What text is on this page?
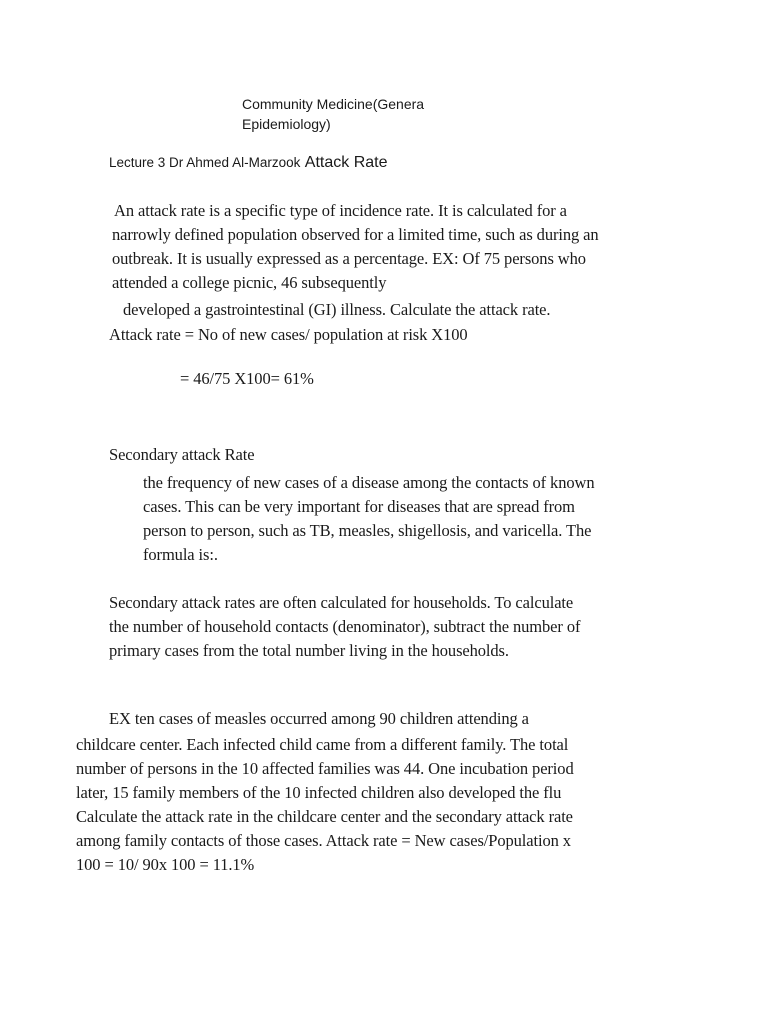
Community Medicine(Genera
Epidemiology)
Lecture 3 Dr Ahmed Al-Marzook Attack Rate
An attack rate is a specific type of incidence rate. It is calculated for a
narrowly defined population observed for a limited time, such as during an
outbreak. It is usually expressed as a percentage. EX: Of 75 persons who
attended a college picnic, 46 subsequently
developed a gastrointestinal (GI) illness. Calculate the attack rate.
Attack rate = No of new cases/ population at risk X100
= 46/75 X100= 61%
Secondary attack Rate
the frequency of new cases of a disease among the contacts of known
cases. This can be very important for diseases that are spread from
person to person, such as TB, measles, shigellosis, and varicella. The
formula is:.
Secondary attack rates are often calculated for households. To calculate
the number of household contacts (denominator), subtract the number of
primary cases from the total number living in the households.
EX ten cases of measles occurred among 90 children attending a
childcare center. Each infected child came from a different family. The total
number of persons in the 10 affected families was 44. One incubation period
later, 15 family members of the 10 infected children also developed the flu
Calculate the attack rate in the childcare center and the secondary attack rate
among family contacts of those cases. Attack rate = New cases/Population x
100 = 10/ 90x 100 = 11.1%
